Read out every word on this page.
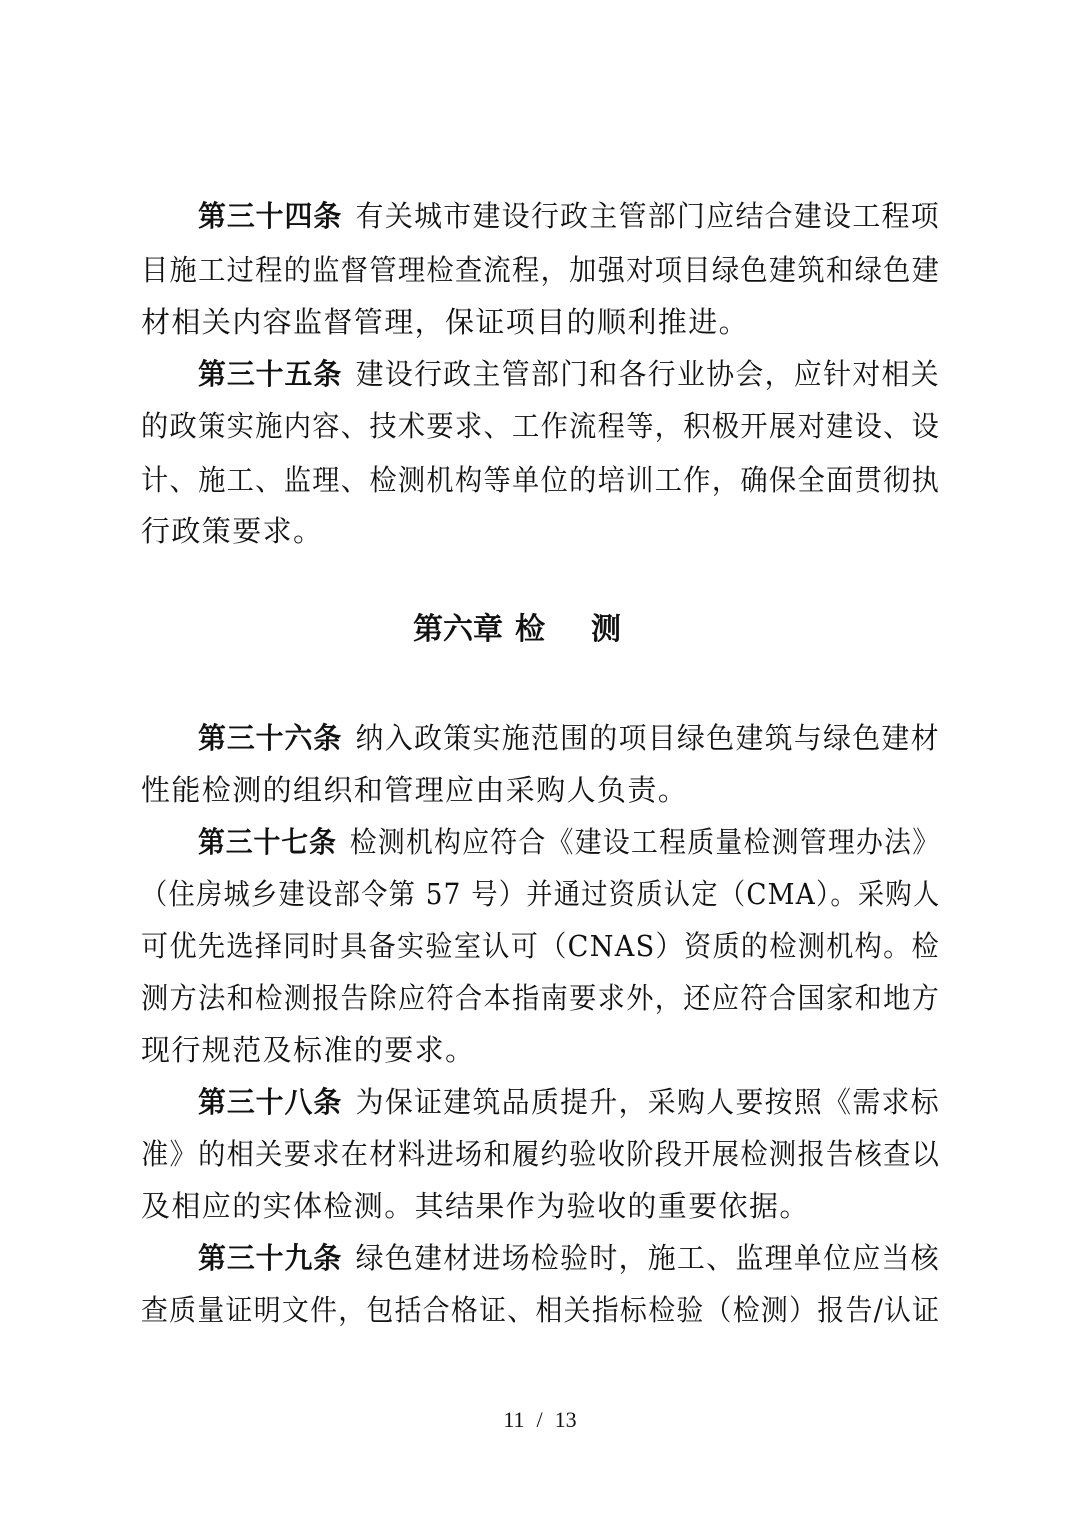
第三十四条 有关城市建设行政主管部门应结合建设工程项
目施工过程的监督管理检查流程，加强对项目绿色建筑和绿色建
材相关内容监督管理，保证项目的顺利推进。
第三十五条 建设行政主管部门和各行业协会，应针对相关
的政策实施内容、技术要求、工作流程等，积极开展对建设、设
计、施工、监理、检测机构等单位的培训工作，确保全面贯彻执
行政策要求。
第六章 检测
第三十六条 纳入政策实施范围的项目绿色建筑与绿色建材
性能检测的组织和管理应由采购人负责。
第三十七条 检测机构应符合《建设工程质量检测管理办法》
（住房城乡建设部令第 57 号）并通过资质认定（CMA）。采购人
可优先选择同时具备实验室认可（CNAS）资质的检测机构。检
测方法和检测报告除应符合本指南要求外，还应符合国家和地方
现行规范及标准的要求。
第三十八条 为保证建筑品质提升，采购人要按照《需求标
准》的相关要求在材料进场和履约验收阶段开展检测报告核查以
及相应的实体检测。其结果作为验收的重要依据。
第三十九条 绿色建材进场检验时，施工、监理单位应当核
查质量证明文件，包括合格证、相关指标检验（检测）报告/认证
11 / 13
